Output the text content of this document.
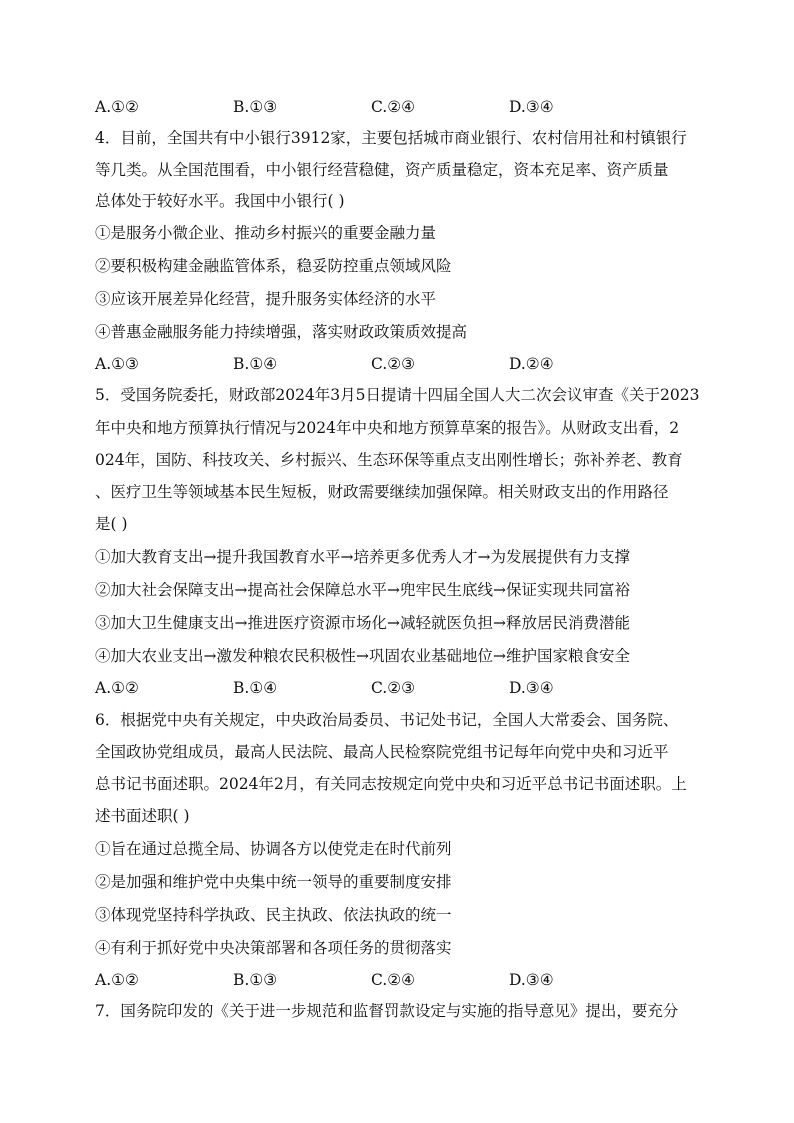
A.①②	B.①③	C.②④	D.③④
4．目前，全国共有中小银行3912家，主要包括城市商业银行、农村信用社和村镇银行
等几类。从全国范围看，中小银行经营稳健，资产质量稳定，资本充足率、资产质量
总体处于较好水平。我国中小银行( )
①是服务小微企业、推动乡村振兴的重要金融力量
②要积极构建金融监管体系，稳妥防控重点领域风险
③应该开展差异化经营，提升服务实体经济的水平
④普惠金融服务能力持续增强，落实财政政策质效提高
A.①③	B.①④	C.②③	D.②④
5．受国务院委托，财政部2024年3月5日提请十四届全国人大二次会议审查《关于2023
年中央和地方预算执行情况与2024年中央和地方预算草案的报告》。从财政支出看，2
024年，国防、科技攻关、乡村振兴、生态环保等重点支出刚性增长；弥补养老、教育
、医疗卫生等领域基本民生短板，财政需要继续加强保障。相关财政支出的作用路径
是( )
①加大教育支出→提升我国教育水平→培养更多优秀人才→为发展提供有力支撑
②加大社会保障支出→提高社会保障总水平→兜牢民生底线→保证实现共同富裕
③加大卫生健康支出→推进医疗资源市场化→减轻就医负担→释放居民消费潜能
④加大农业支出→激发种粮农民积极性→巩固农业基础地位→维护国家粮食安全
A.①②	B.①④	C.②③	D.③④
6．根据党中央有关规定，中央政治局委员、书记处书记，全国人大常委会、国务院、
全国政协党组成员，最高人民法院、最高人民检察院党组书记每年向党中央和习近平
总书记书面述职。2024年2月，有关同志按规定向党中央和习近平总书记书面述职。上
述书面述职( )
①旨在通过总揽全局、协调各方以使党走在时代前列
②是加强和维护党中央集中统一领导的重要制度安排
③体现党坚持科学执政、民主执政、依法执政的统一
④有利于抓好党中央决策部署和各项任务的贯彻落实
A.①②	B.①③	C.②④	D.③④
7．国务院印发的《关于进一步规范和监督罚款设定与实施的指导意见》提出，要充分
